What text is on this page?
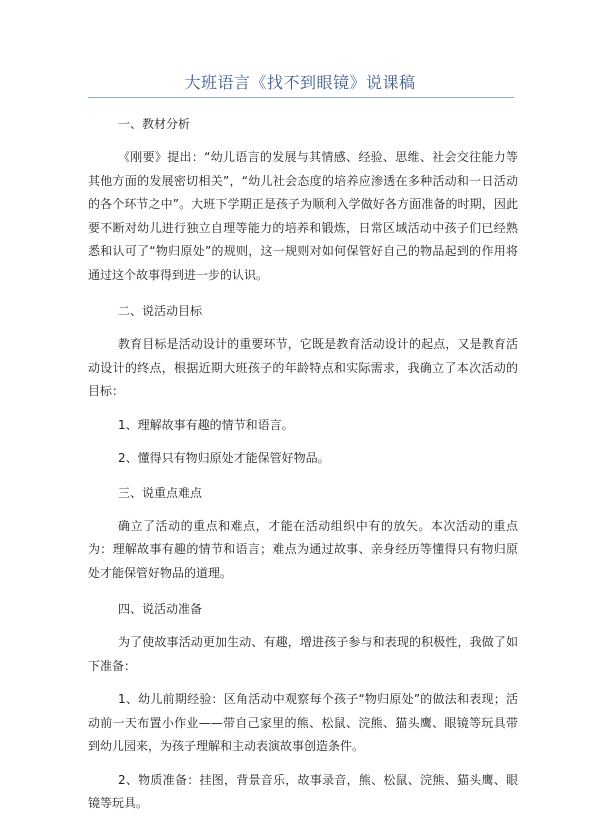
大班语言《找不到眼镜》说课稿
一、教材分析

《刚要》提出：“幼儿语言的发展与其情感、经验、思维、社会交往能力等其他方面的发展密切相关”，“幼儿社会态度的培养应渗透在多种活动和一日活动的各个环节之中”。大班下学期正是孩子为顺利入学做好各方面准备的时期，因此要不断对幼儿进行独立自理等能力的培养和锻炼，日常区域活动中孩子们已经熟悉和认可了“物归原处”的规则，这一规则对如何保管好自己的物品起到的作用将通过这个故事得到进一步的认识。

二、说活动目标

教育目标是活动设计的重要环节，它既是教育活动设计的起点，又是教育活动设计的终点，根据近期大班孩子的年龄特点和实际需求，我确立了本次活动的目标：

1、理解故事有趣的情节和语言。

2、懂得只有物归原处才能保管好物品。

三、说重点难点

确立了活动的重点和难点，才能在活动组织中有的放矢。本次活动的重点为：理解故事有趣的情节和语言；难点为通过故事、亲身经历等懂得只有物归原处才能保管好物品的道理。

四、说活动准备

为了使故事活动更加生动、有趣，增进孩子参与和表现的积极性，我做了如下准备：

1、幼儿前期经验：区角活动中观察每个孩子“物归原处”的做法和表现；活动前一天布置小作业——带自己家里的熊、松鼠、浣熊、猫头鹰、眼镜等玩具带到幼儿园来，为孩子理解和主动表演故事创造条件。

2、物质准备：挂图，背景音乐，故事录音，熊、松鼠、浣熊、猫头鹰、眼镜等玩具。
